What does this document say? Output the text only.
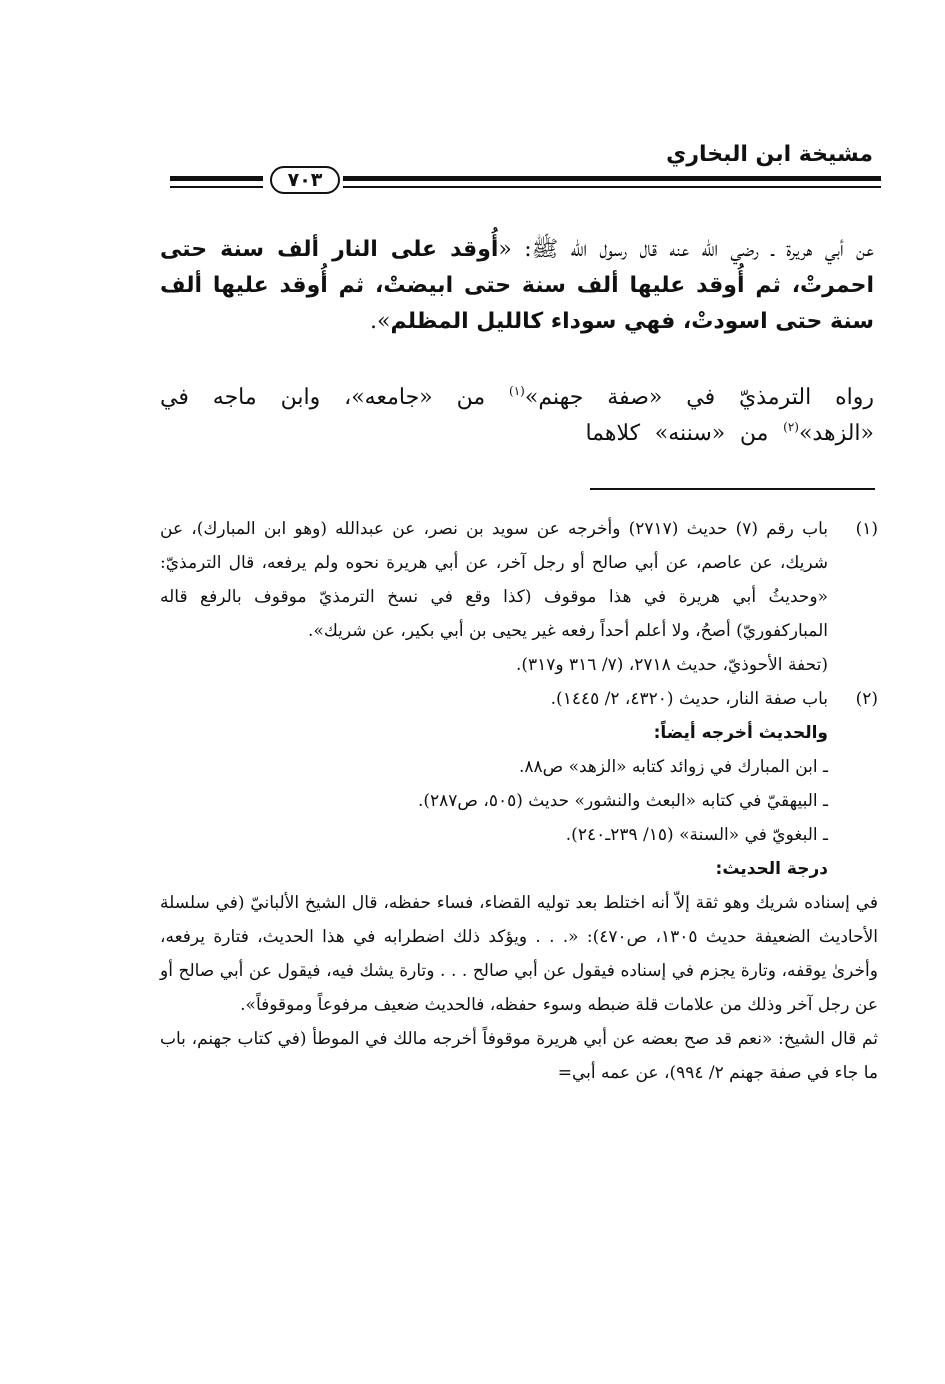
مشيخة ابن البخاري
٧٠٣
عن أبي هريرة ـ رضي الله عنه قال رسول الله ﷺ: «أُوقد على النار ألف سنة حتى احمرتْ، ثم أُوقد عليها ألف سنة حتى ابيضتْ، ثم أُوقد عليها ألف سنة حتى اسودتْ، فهي سوداء كالليل المظلم».
رواه الترمذيّ في «صفة جهنم»$^{(١)}$ من «جامعه»، وابن ماجه في «الزهد»$^{(٢)}$ من «سننه» كلاهما
(١)
باب رقم (٧) حديث (٢٧١٧) وأخرجه عن سويد بن نصر، عن عبدالله (وهو ابن المبارك)، عن شريك، عن عاصم، عن أبي صالح أو رجل آخر، عن أبي هريرة نحوه ولم يرفعه، قال الترمذيّ: «وحديثُ أبي هريرة في هذا موقوف (كذا وقع في نسخ الترمذيّ موقوف بالرفع قاله المباركفوريّ) أصحُ، ولا أعلم أحداً رفعه غير يحيى بن أبي بكير، عن شريك».
(تحفة الأحوذيّ، حديث ٢٧١٨، (٧/ ٣١٦ و٣١٧).
(٢)
باب صفة النار، حديث (٤٣٢٠، ٢/ ١٤٤٥).
والحديث أخرجه أيضاً:
ـ ابن المبارك في زوائد كتابه «الزهد» ص٨٨.
ـ البيهقيّ في كتابه «البعث والنشور» حديث (٥٠٥، ص٢٨٧).
ـ البغويّ في «السنة» (١٥/ ٢٣٩ـ٢٤٠).
درجة الحديث:
في إسناده شريك وهو ثقة إلاّ أنه اختلط بعد توليه القضاء، فساء حفظه، قال الشيخ الألبانيّ (في سلسلة الأحاديث الضعيفة حديث ١٣٠٥، ص٤٧٠): «. . . ويؤكد ذلك اضطرابه في هذا الحديث، فتارة يرفعه، وأخرىٰ يوقفه، وتارة يجزم في إسناده فيقول عن أبي صالح . . . وتارة يشك فيه، فيقول عن أبي صالح أو عن رجل آخر وذلك من علامات قلة ضبطه وسوء حفظه، فالحديث ضعيف مرفوعاً وموقوفاً».
ثم قال الشيخ: «نعم قد صح بعضه عن أبي هريرة موقوفاً أخرجه مالك في الموطأ (في كتاب جهنم، باب ما جاء في صفة جهنم ٢/ ٩٩٤)، عن عمه أبي=
